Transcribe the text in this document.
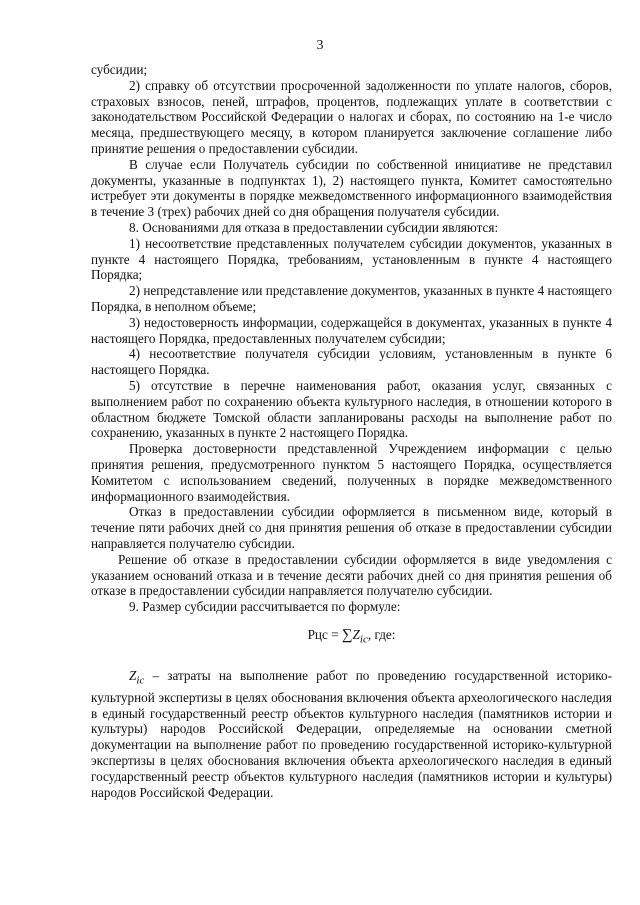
3

субсидии;

2) справку об отсутствии просроченной задолженности по уплате налогов, сборов, страховых взносов, пеней, штрафов, процентов, подлежащих уплате в соответствии с законодательством Российской Федерации о налогах и сборах, по состоянию на 1-е число месяца, предшествующего месяцу, в котором планируется заключение соглашение либо принятие решения о предоставлении субсидии.

В случае если Получатель субсидии по собственной инициативе не представил документы, указанные в подпунктах 1), 2) настоящего пункта, Комитет самостоятельно истребует эти документы в порядке межведомственного информационного взаимодействия в течение 3 (трех) рабочих дней со дня обращения получателя субсидии.

8. Основаниями для отказа в предоставлении субсидии являются:

1) несоответствие представленных получателем субсидии документов, указанных в пункте 4 настоящего Порядка, требованиям, установленным в пункте 4 настоящего Порядка;

2) непредставление или представление документов, указанных в пункте 4 настоящего Порядка, в неполном объеме;

3) недостоверность информации, содержащейся в документах, указанных в пункте 4 настоящего Порядка, предоставленных получателем субсидии;

4) несоответствие получателя субсидии условиям, установленным в пункте 6 настоящего Порядка.

5) отсутствие в перечне наименования работ, оказания услуг, связанных с выполнением работ по сохранению объекта культурного наследия, в отношении которого в областном бюджете Томской области запланированы расходы на выполнение работ по сохранению, указанных в пункте 2 настоящего Порядка.

Проверка достоверности представленной Учреждением информации с целью принятия решения, предусмотренного пунктом 5 настоящего Порядка, осуществляется Комитетом с использованием сведений, полученных в порядке межведомственного информационного взаимодействия.

Отказ в предоставлении субсидии оформляется в письменном виде, который в течение пяти рабочих дней со дня принятия решения об отказе в предоставлении субсидии направляется получателю субсидии.

Решение об отказе в предоставлении субсидии оформляется в виде уведомления с указанием оснований отказа и в течение десяти рабочих дней со дня принятия решения об отказе в предоставлении субсидии направляется получателю субсидии.

9. Размер субсидии рассчитывается по формуле:

Рцс = $\sum Z_{ic}$, где:

$Z_{ic}$ – затраты на выполнение работ по проведению государственной историко-культурной экспертизы в целях обоснования включения объекта археологического наследия в единый государственный реестр объектов культурного наследия (памятников истории и культуры) народов Российской Федерации, определяемые на основании сметной документации на выполнение работ по проведению государственной историко-культурной экспертизы в целях обоснования включения объекта археологического наследия в единый государственный реестр объектов культурного наследия (памятников истории и культуры) народов Российской Федерации.
